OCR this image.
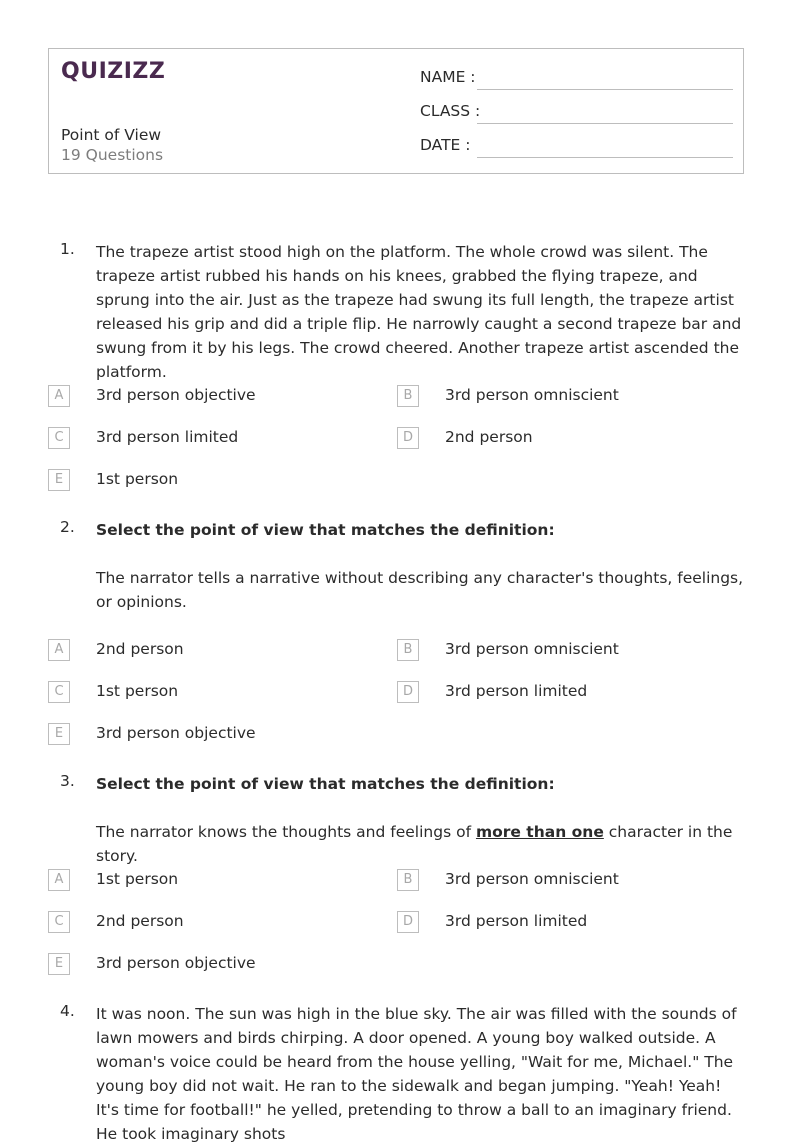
QUIZIZZ
Point of View
19 Questions
NAME :
CLASS :
DATE :
1. The trapeze artist stood high on the platform. The whole crowd was silent. The trapeze artist rubbed his hands on his knees, grabbed the flying trapeze, and sprung into the air. Just as the trapeze had swung its full length, the trapeze artist released his grip and did a triple flip. He narrowly caught a second trapeze bar and swung from it by his legs. The crowd cheered. Another trapeze artist ascended the platform.
A	3rd person objective	B	3rd person omniscient
C	3rd person limited	D	2nd person
E	1st person
2. Select the point of view that matches the definition:
The narrator tells a narrative without describing any character's thoughts, feelings, or opinions.
A	2nd person	B	3rd person omniscient
C	1st person	D	3rd person limited
E	3rd person objective
3. Select the point of view that matches the definition:
The narrator knows the thoughts and feelings of more than one character in the story.
A	1st person	B	3rd person omniscient
C	2nd person	D	3rd person limited
E	3rd person objective
4. It was noon. The sun was high in the blue sky. The air was filled with the sounds of lawn mowers and birds chirping. A door opened. A young boy walked outside. A woman's voice could be heard from the house yelling, "Wait for me, Michael." The young boy did not wait. He ran to the sidewalk and began jumping. "Yeah! Yeah! It's time for football!" he yelled, pretending to throw a ball to an imaginary friend. He took imaginary shots
